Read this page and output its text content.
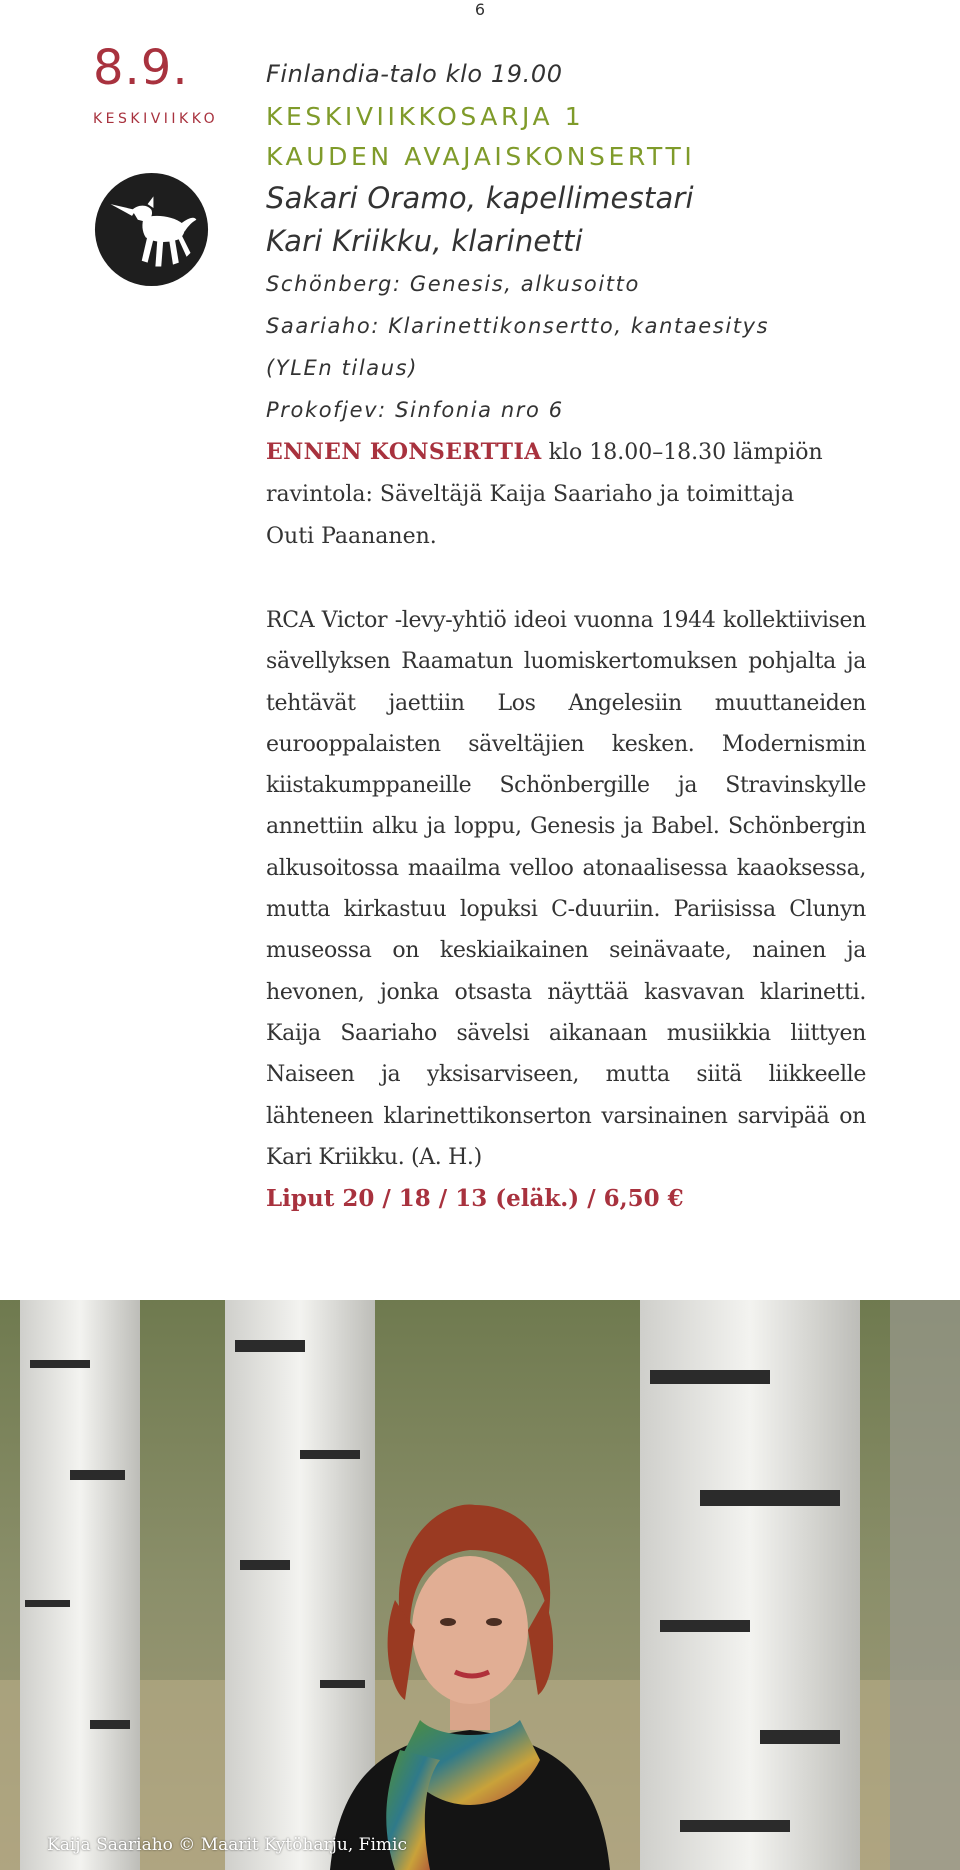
6
8.9.
KESKIVIIKKO
Finlandia-talo klo 19.00
KESKIVIIKKOSARJA 1
KAUDEN AVAJAISKONSERTTI
Sakari Oramo, kapellimestari
Kari Kriikku, klarinetti
Schönberg: Genesis, alkusoitto
Saariaho: Klarinettikonsertto, kantaesitys
(YLEn tilaus)
Prokofjev: Sinfonia nro 6
ENNEN KONSERTTIA klo 18.00–18.30 lämpiön ravintola: Säveltäjä Kaija Saariaho ja toimittaja Outi Paananen.
RCA Victor -levy-yhtiö ideoi vuonna 1944 kollektiivisen sävellyksen Raamatun luomiskertomuksen pohjalta ja tehtävät jaettiin Los Angelesiin muuttaneiden eurooppalaisten säveltäjien kesken. Modernismin kiistakumppaneille Schönbergille ja Stravinskylle annettiin alku ja loppu, Genesis ja Babel. Schönbergin alkusoitossa maailma velloo atonaalisessa kaaoksessa, mutta kirkastuu lopuksi C-duuriin. Pariisissa Clunyn museossa on keskiaikainen seinävaate, nainen ja hevonen, jonka otsasta näyttää kasvavan klarinetti. Kaija Saariaho sävelsi aikanaan musiikkia liittyen Naiseen ja yksisarviseen, mutta siitä liikkeelle lähteneen klarinettikonserton varsinainen sarvipää on Kari Kriikku. (A. H.)
Liput 20 / 18 / 13 (eläk.) / 6,50 €
Kaija Saariaho © Maarit Kytöharju, Fimic
